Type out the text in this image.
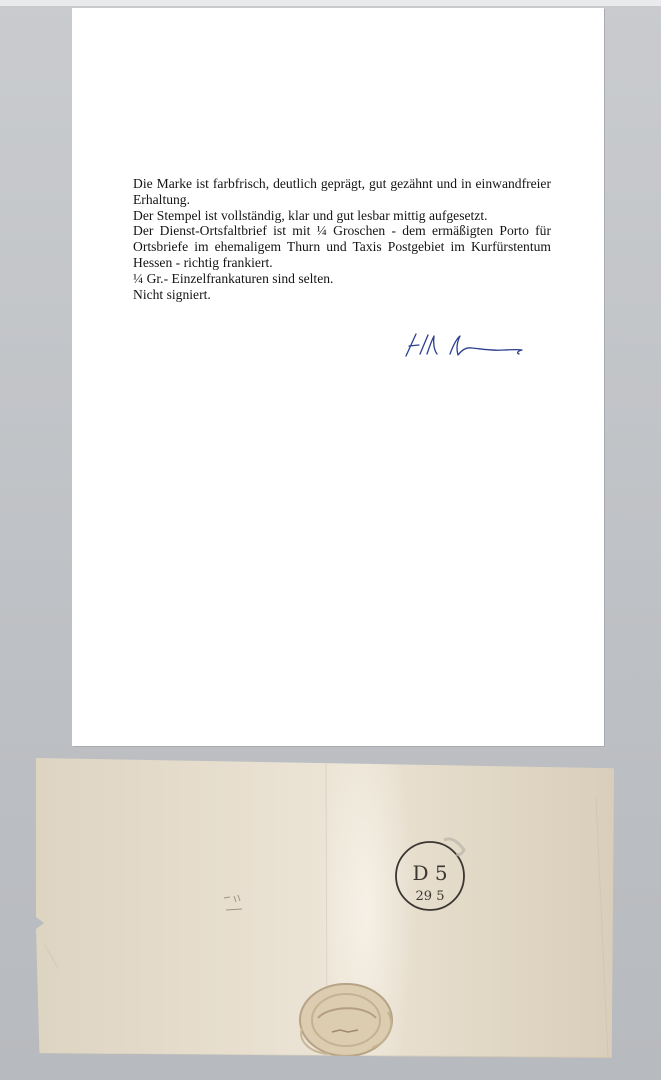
Die Marke ist farbfrisch, deutlich geprägt, gut gezähnt und in einwandfreier Erhaltung.

Der Stempel ist vollständig, klar und gut lesbar mittig aufgesetzt.

Der Dienst-Ortsfaltbrief ist mit ¼ Groschen - dem ermäßigten Porto für Ortsbriefe im ehemaligem Thurn und Taxis Postgebiet im Kurfürstentum Hessen - richtig frankiert.

¼ Gr.- Einzelfrankaturen sind selten.

Nicht signiert.

D 5
29 5
